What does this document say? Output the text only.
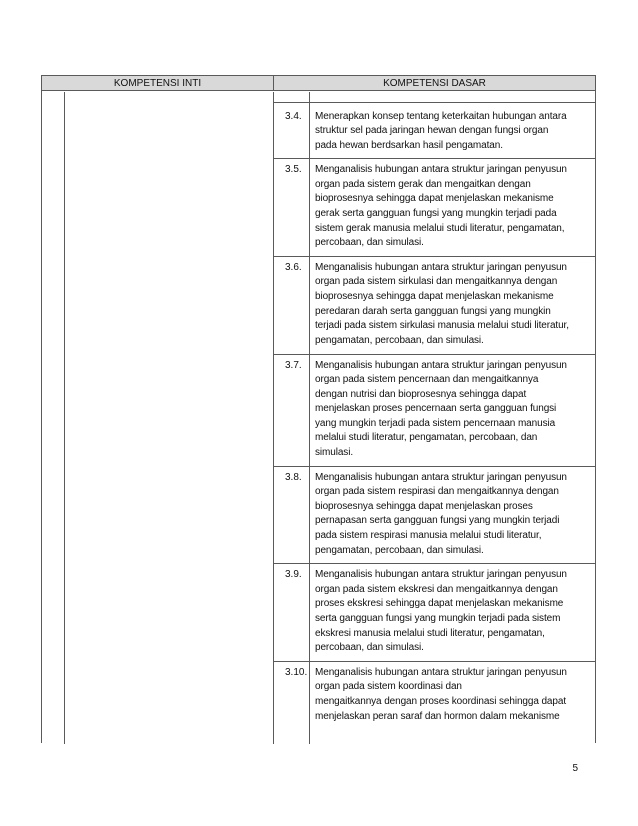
KOMPETENSI INTI	KOMPETENSI DASAR
3.4.	Menerapkan konsep tentang keterkaitan hubungan antara
struktur sel pada jaringan hewan dengan fungsi organ
pada hewan berdsarkan hasil pengamatan.
3.5.	Menganalisis hubungan antara struktur jaringan penyusun
organ pada sistem gerak dan mengaitkan dengan
bioprosesnya sehingga dapat menjelaskan mekanisme
gerak serta gangguan fungsi yang mungkin terjadi pada
sistem gerak manusia melalui studi literatur, pengamatan,
percobaan, dan simulasi.
3.6.	Menganalisis hubungan antara struktur jaringan penyusun
organ pada sistem sirkulasi dan mengaitkannya dengan
bioprosesnya sehingga dapat menjelaskan mekanisme
peredaran darah serta gangguan fungsi yang mungkin
terjadi pada sistem sirkulasi manusia melalui studi literatur,
pengamatan, percobaan, dan simulasi.
3.7.	Menganalisis hubungan antara struktur jaringan penyusun
organ pada sistem pencernaan dan mengaitkannya
dengan nutrisi dan bioprosesnya sehingga dapat
menjelaskan proses pencernaan serta gangguan fungsi
yang mungkin terjadi pada sistem pencernaan manusia
melalui studi literatur, pengamatan, percobaan, dan
simulasi.
3.8.	Menganalisis hubungan antara struktur jaringan penyusun
organ pada sistem respirasi dan mengaitkannya dengan
bioprosesnya sehingga dapat menjelaskan proses
pernapasan serta gangguan fungsi yang mungkin terjadi
pada sistem respirasi manusia melalui studi literatur,
pengamatan, percobaan, dan simulasi.
3.9.	Menganalisis hubungan antara struktur jaringan penyusun
organ pada sistem ekskresi dan mengaitkannya dengan
proses ekskresi sehingga dapat menjelaskan mekanisme
serta gangguan fungsi yang mungkin terjadi pada sistem
ekskresi manusia melalui studi literatur, pengamatan,
percobaan, dan simulasi.
3.10. Menganalisis hubungan antara struktur jaringan penyusun
organ pada sistem koordinasi dan
mengaitkannya dengan proses koordinasi sehingga dapat
menjelaskan peran saraf dan hormon dalam mekanisme
5
